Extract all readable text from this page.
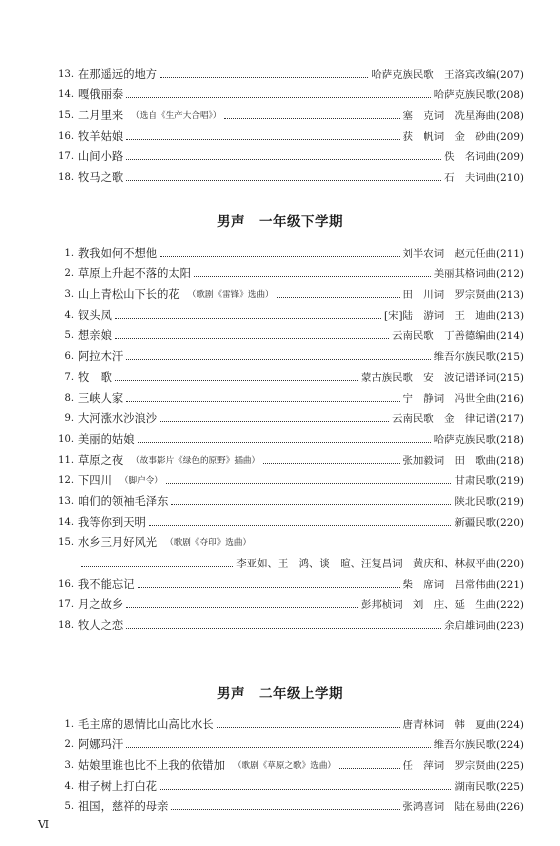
13. 在那遥远的地方	哈萨克族民歌　王洛宾改编(207)
14. 嘎俄丽泰	哈萨克族民歌(208)
15. 二月里来 （选自《生产大合唱》）	塞　克词　冼星海曲(208)
16. 牧羊姑娘	获　帆词　金　砂曲(209)
17. 山间小路	佚　名词曲(209)
18. 牧马之歌	石　夫词曲(210)
男声　一年级下学期
1. 教我如何不想他	刘半农词　赵元任曲(211)
2. 草原上升起不落的太阳	美丽其格词曲(212)
3. 山上青松山下长的花 （歌剧《雷锋》选曲）	田　川词　罗宗贤曲(213)
4. 钗头凤	[宋]陆　游词　王　迪曲(213)
5. 想亲娘	云南民歌　丁善德编曲(214)
6. 阿拉木汗	维吾尔族民歌(215)
7. 牧　歌	蒙古族民歌　安　波记谱译词(215)
8. 三峡人家	宁　静词　冯世全曲(216)
9. 大河涨水沙浪沙	云南民歌　金　律记谱(217)
10. 美丽的姑娘	哈萨克族民歌(218)
11. 草原之夜 （故事影片《绿色的原野》插曲）	张加毅词　田　歌曲(218)
12. 下四川 （脚户令）	甘肃民歌(219)
13. 咱们的领袖毛泽东	陕北民歌(219)
14. 我等你到天明	新疆民歌(220)
15. 水乡三月好风光 （歌剧《夺印》选曲）
李亚如、王　鸿、谈　暄、汪复昌词　黄庆和、林叔平曲(220)
16. 我不能忘记	柴　席词　吕常伟曲(221)
17. 月之故乡	彭邦桢词　刘　庄、延　生曲(222)
18. 牧人之恋	余启雄词曲(223)
男声　二年级上学期
1. 毛主席的恩情比山高比水长	唐青林词　韩　夏曲(224)
2. 阿娜玛汗	维吾尔族民歌(224)
3. 姑娘里谁也比不上我的依错加 （歌剧《草原之歌》选曲）	任　萍词　罗宗贤曲(225)
4. 柑子树上打白花	湖南民歌(225)
5. 祖国，慈祥的母亲	张鸿喜词　陆在易曲(226)
Ⅵ
